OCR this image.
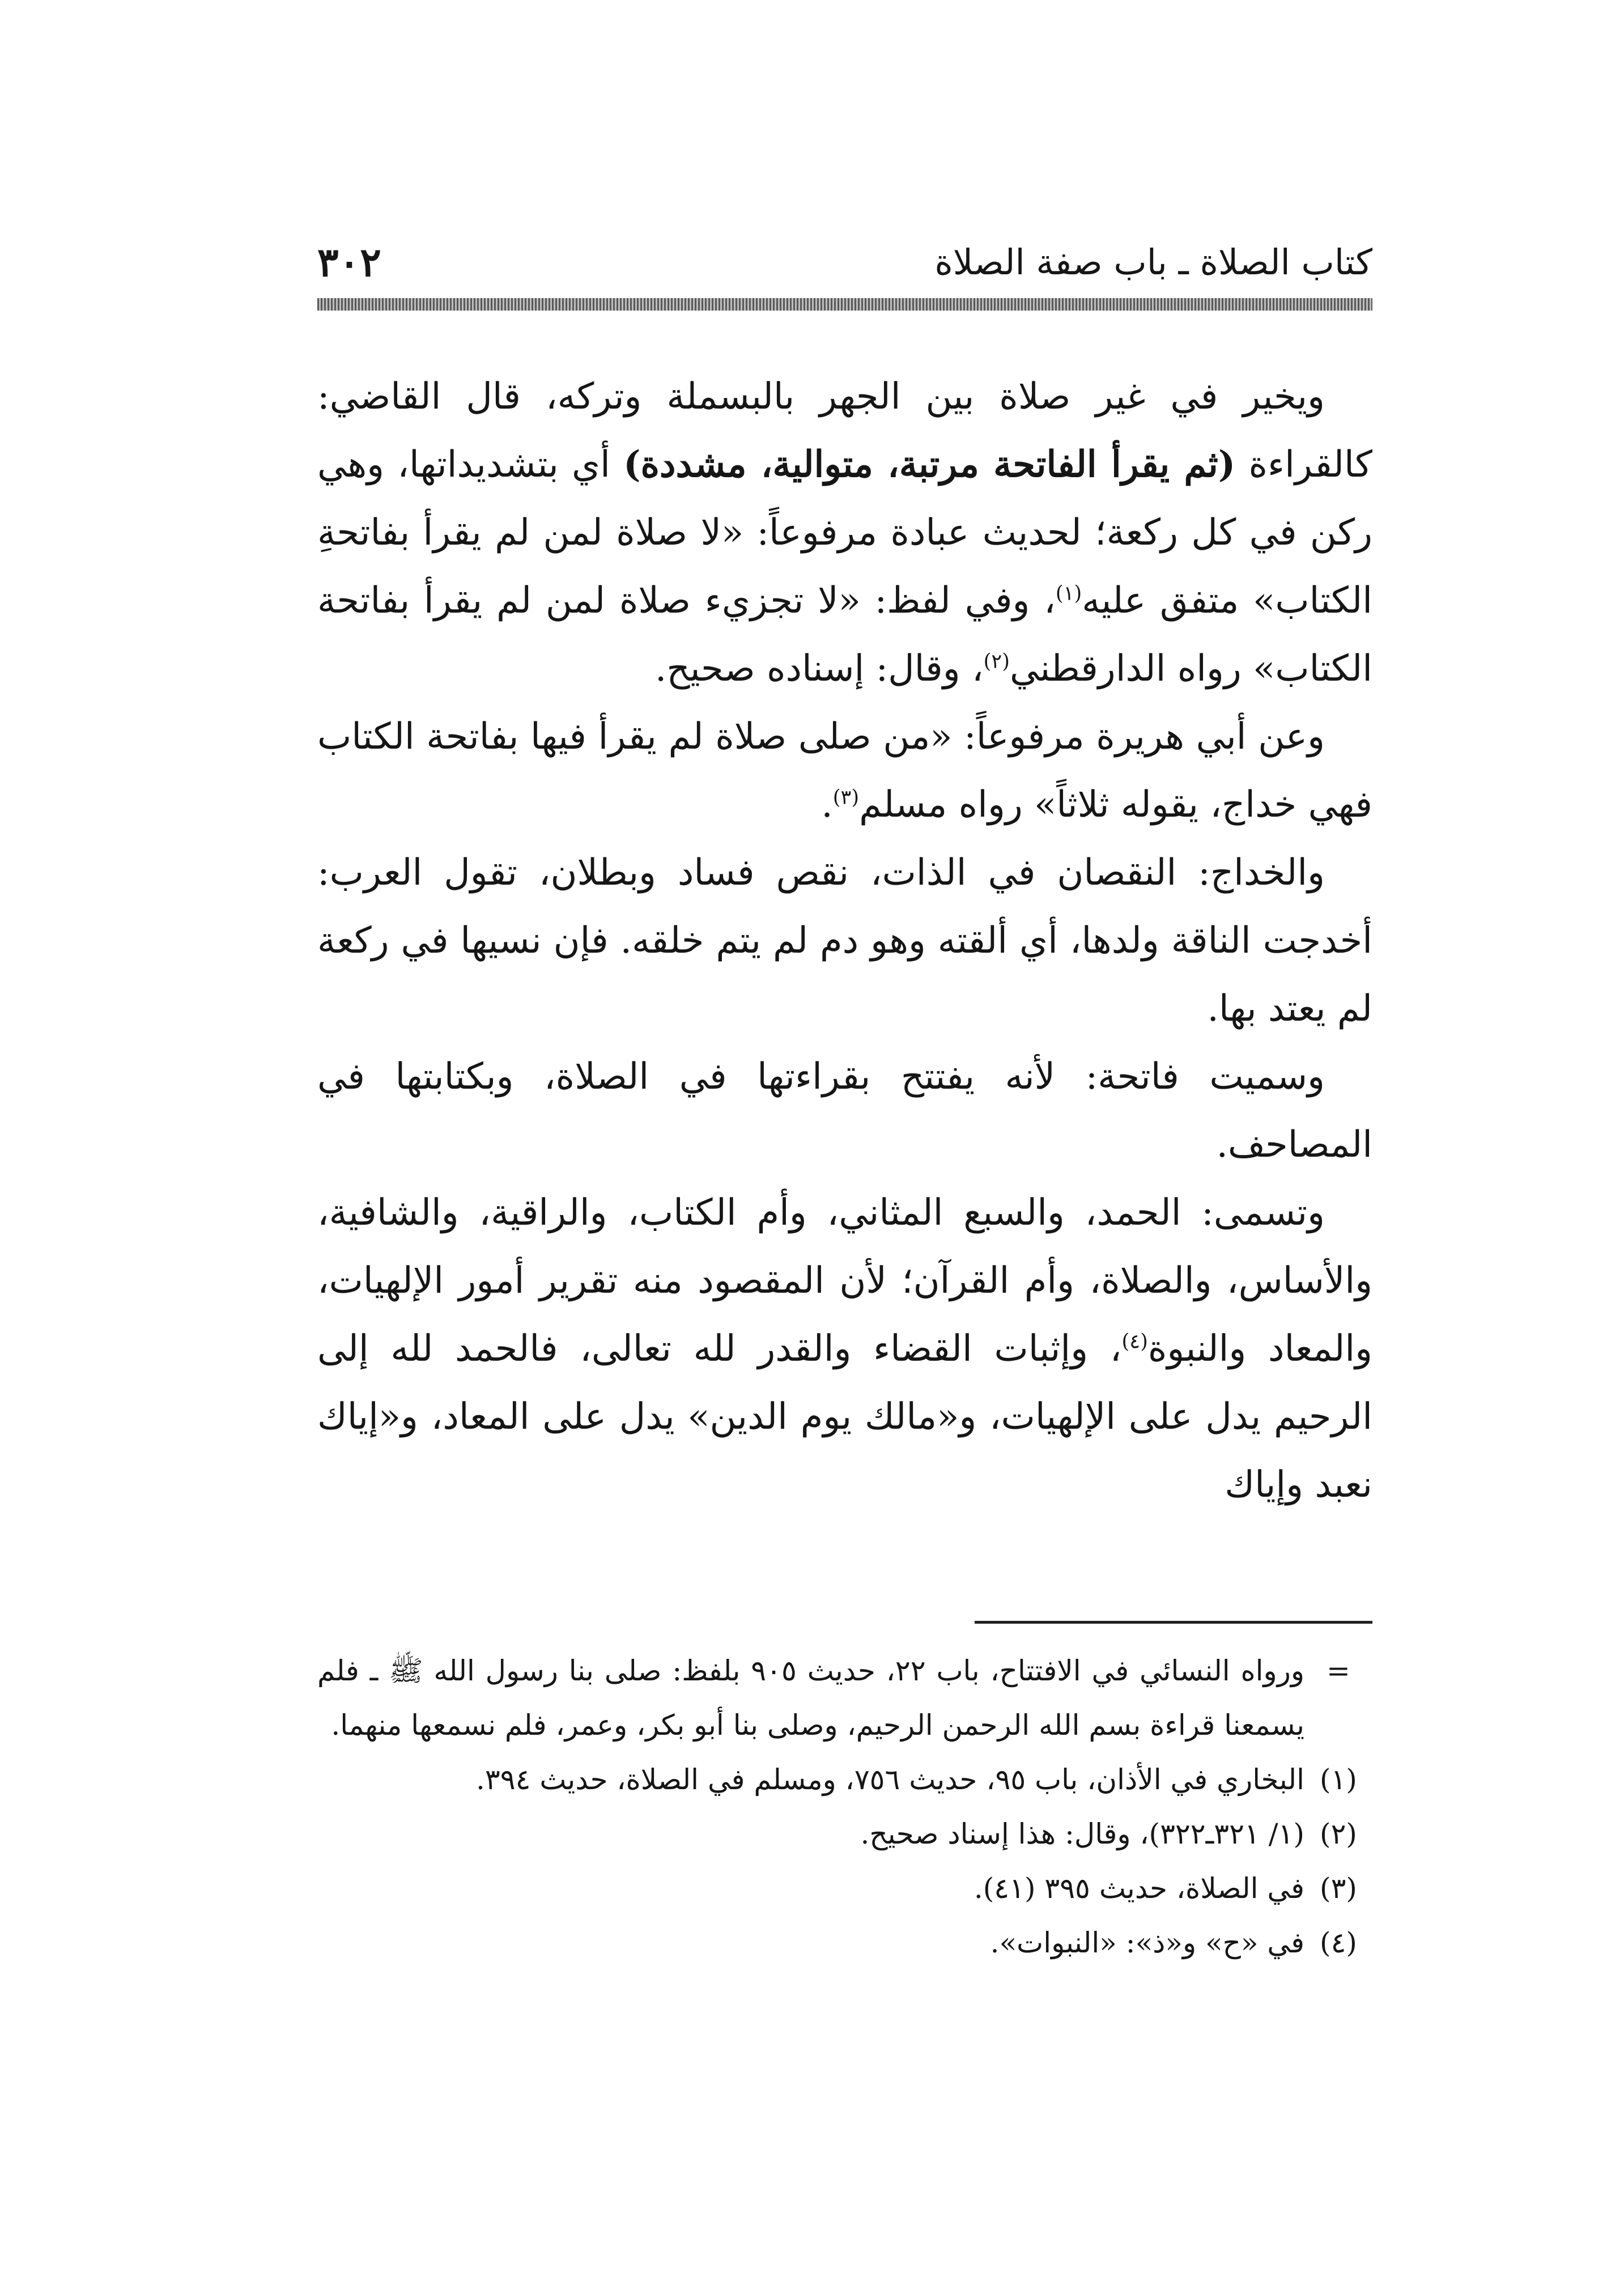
كتاب الصلاة ـ باب صفة الصلاة
٣٠٢

ويخير في غير صلاة بين الجهر بالبسملة وتركه، قال القاضي: كالقراءة (ثم يقرأ الفاتحة مرتبة، متوالية، مشددة) أي بتشديداتها، وهي ركن في كل ركعة؛ لحديث عبادة مرفوعاً: «لا صلاة لمن لم يقرأ بفاتحةِ الكتاب» متفق عليه$^{(١)}$، وفي لفظ: «لا تجزيء صلاة لمن لم يقرأ بفاتحة الكتاب» رواه الدارقطني$^{(٢)}$، وقال: إسناده صحيح.

وعن أبي هريرة مرفوعاً: «من صلى صلاة لم يقرأ فيها بفاتحة الكتاب فهي خداج، يقوله ثلاثاً» رواه مسلم$^{(٣)}$.

والخداج: النقصان في الذات، نقص فساد وبطلان، تقول العرب: أخدجت الناقة ولدها، أي ألقته وهو دم لم يتم خلقه. فإن نسيها في ركعة لم يعتد بها.

وسميت فاتحة: لأنه يفتتح بقراءتها في الصلاة، وبكتابتها في المصاحف.

وتسمى: الحمد، والسبع المثاني، وأم الكتاب، والراقية، والشافية، والأساس، والصلاة، وأم القرآن؛ لأن المقصود منه تقرير أمور الإلهيات، والمعاد والنبوة$^{(٤)}$، وإثبات القضاء والقدر لله تعالى، فالحمد لله إلى الرحيم يدل على الإلهيات، و«مالك يوم الدين» يدل على المعاد، و«إياك نعبد وإياك

=
ورواه النسائي في الافتتاح، باب ٢٢، حديث ٩٠٥ بلفظ: صلى بنا رسول الله ﷺ ـ فلم يسمعنا قراءة بسم الله الرحمن الرحيم، وصلى بنا أبو بكر، وعمر، فلم نسمعها منهما.
(١)
البخاري في الأذان، باب ٩٥، حديث ٧٥٦، ومسلم في الصلاة، حديث ٣٩٤.
(٢)
(١/ ٣٢١ـ٣٢٢)، وقال: هذا إسناد صحيح.
(٣)
في الصلاة، حديث ٣٩٥ (٤١).
(٤)
في «ح» و«ذ»: «النبوات».
